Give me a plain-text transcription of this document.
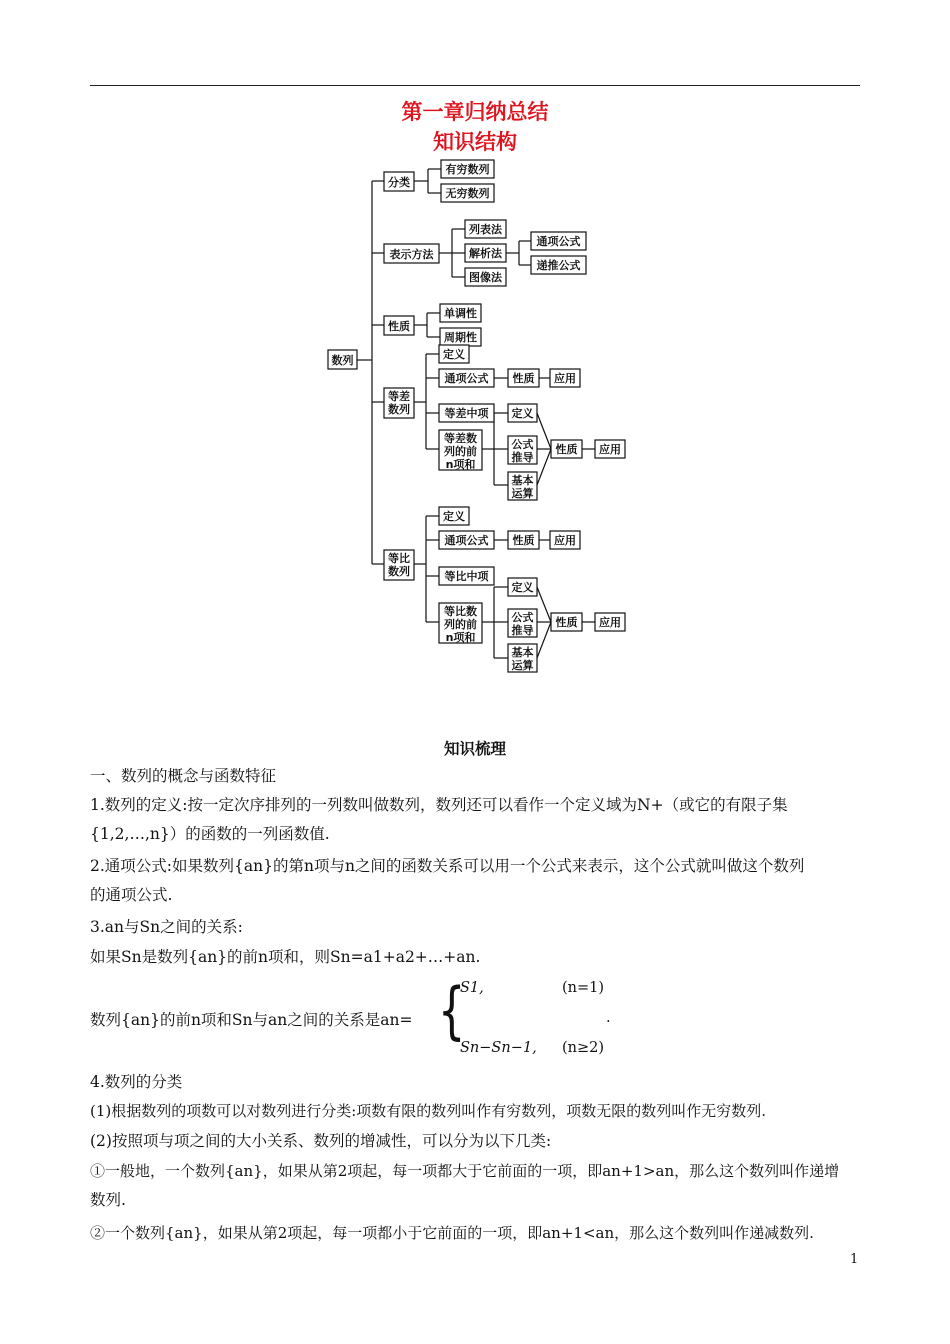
第一章归纳总结
知识结构
数列
分类
表示方法
性质
等差
数列
等比
数列
有穷数列
无穷数列
列表法
解析法
图像法
通项公式
递推公式
单调性
周期性
定义
通项公式 性质 应用
等差中项
等差数
列的前
n项和
定义
公式
推导
基本
运算
性质 应用
定义
通项公式 性质 应用
等比中项
等比数
列的前
n项和
定义
公式
推导
基本
运算
性质 应用
知识梳理
一、数列的概念与函数特征
1.数列的定义:按一定次序排列的一列数叫做数列，数列还可以看作一个定义域为N+（或它的有限子集
{1,2,…,n}）的函数的一列函数值.
2.通项公式:如果数列{an}的第n项与n之间的函数关系可以用一个公式来表示，这个公式就叫做这个数列
的通项公式.
3.an与Sn之间的关系:
如果Sn是数列{an}的前n项和，则Sn=a1+a2+…+an.
数列{an}的前n项和Sn与an之间的关系是an= {
S1,	(n=1)
.
Sn−Sn−1, (n≥2)
4.数列的分类
(1)根据数列的项数可以对数列进行分类:项数有限的数列叫作有穷数列，项数无限的数列叫作无穷数列.
(2)按照项与项之间的大小关系、数列的增减性，可以分为以下几类:
①一般地，一个数列{an}，如果从第2项起，每一项都大于它前面的一项，即an+1>an，那么这个数列叫作递增
数列.
②一个数列{an}，如果从第2项起，每一项都小于它前面的一项，即an+1<an，那么这个数列叫作递减数列.
1
